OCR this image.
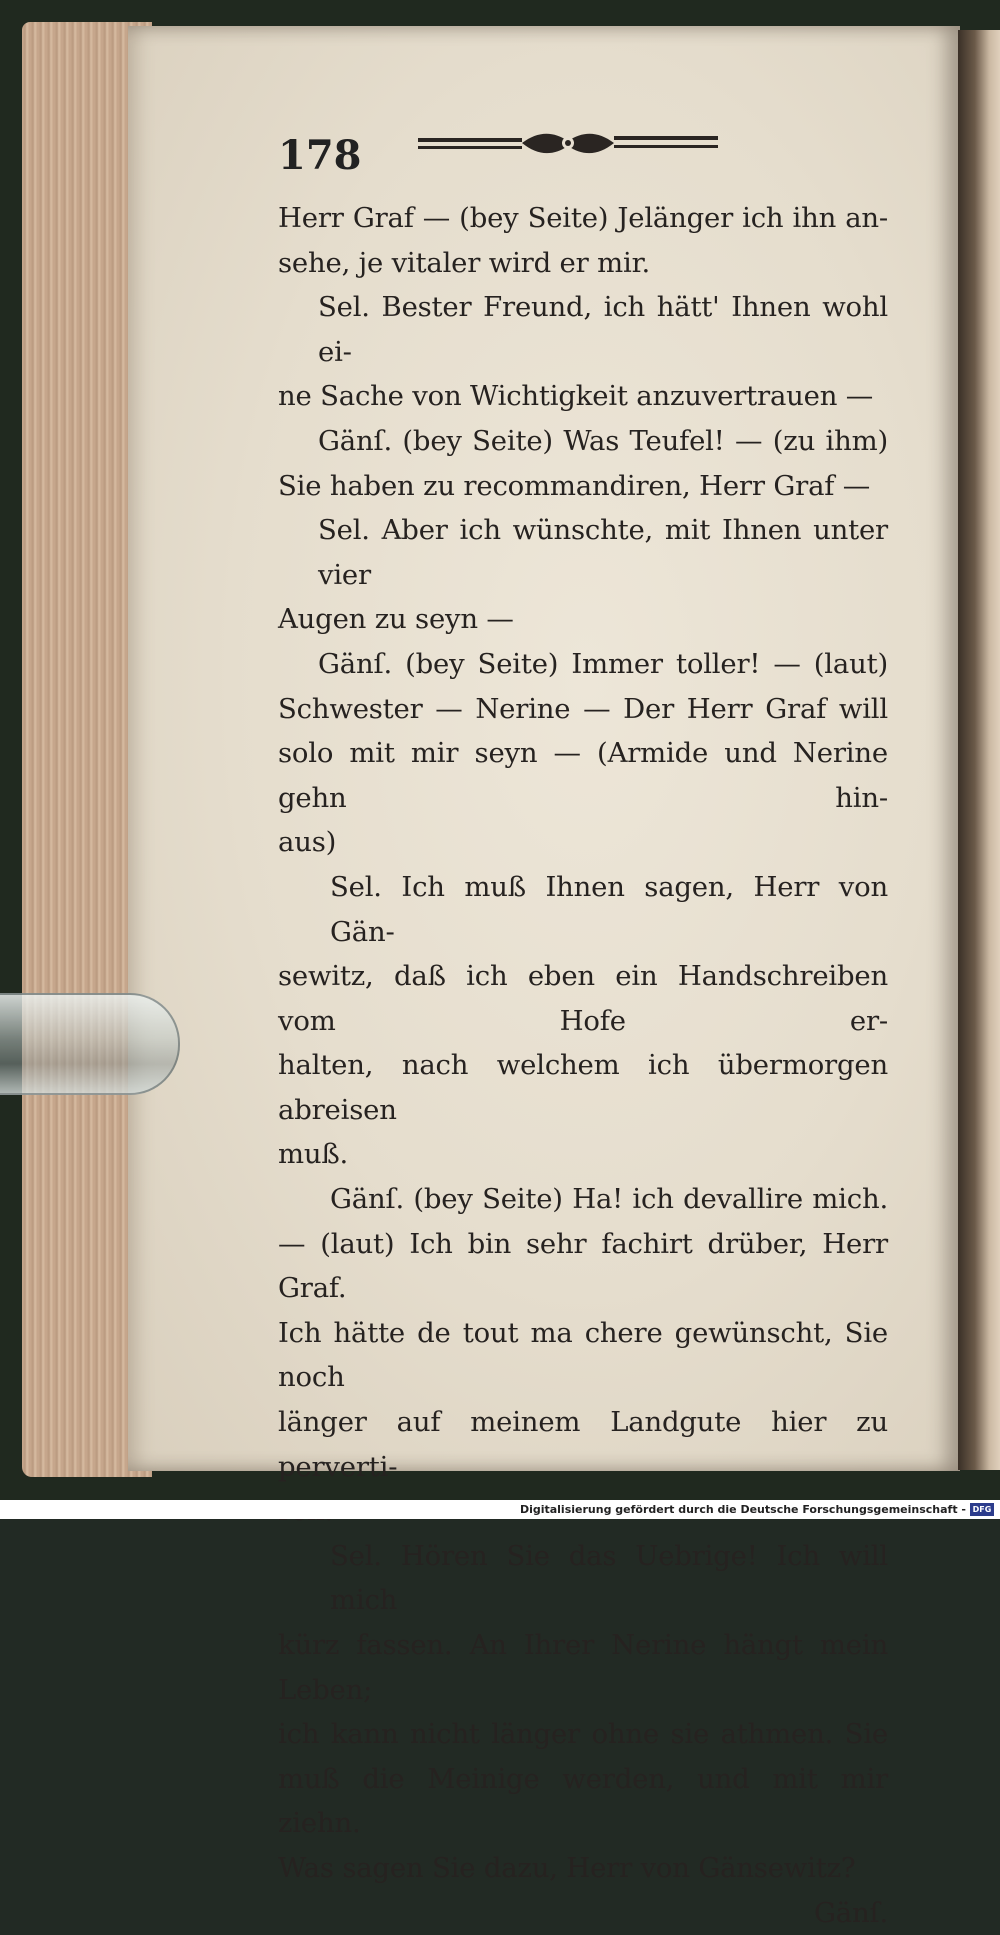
178
Herr Graf — (bey Seite) Jelänger ich ihn an-
sehe, je vitaler wird er mir.
Sel. Bester Freund, ich hätt' Ihnen wohl ei-
ne Sache von Wichtigkeit anzuvertrauen —
Gänſ. (bey Seite) Was Teufel! — (zu ihm)
Sie haben zu recommandiren, Herr Graf —
Sel. Aber ich wünschte, mit Ihnen unter vier
Augen zu seyn —
Gänſ. (bey Seite) Immer toller! — (laut)
Schwester — Nerine — Der Herr Graf will
solo mit mir seyn — (Armide und Nerine gehn hin-
aus)
Sel. Ich muß Ihnen sagen, Herr von Gän-
sewitz, daß ich eben ein Handschreiben vom Hofe er-
halten, nach welchem ich übermorgen abreisen
muß.
Gänſ. (bey Seite) Ha! ich devallire mich.
— (laut) Ich bin sehr fachirt drüber, Herr Graf.
Ich hätte de tout ma chere gewünscht, Sie noch
länger auf meinem Landgute hier zu perverti-
Sel. Hören Sie das Uebrige! Ich will mich
kürz fassen. An Ihrer Nerine hängt mein Leben;
ich kann nicht länger ohne sie athmen. Sie
muß die Meinige werden, und mit mir ziehn.
Was sagen Sie dazu, Herr von Gänsewitz?
Gänſ.
Digitalisierung gefördert durch die Deutsche Forschungsgemeinschaft - DFG
